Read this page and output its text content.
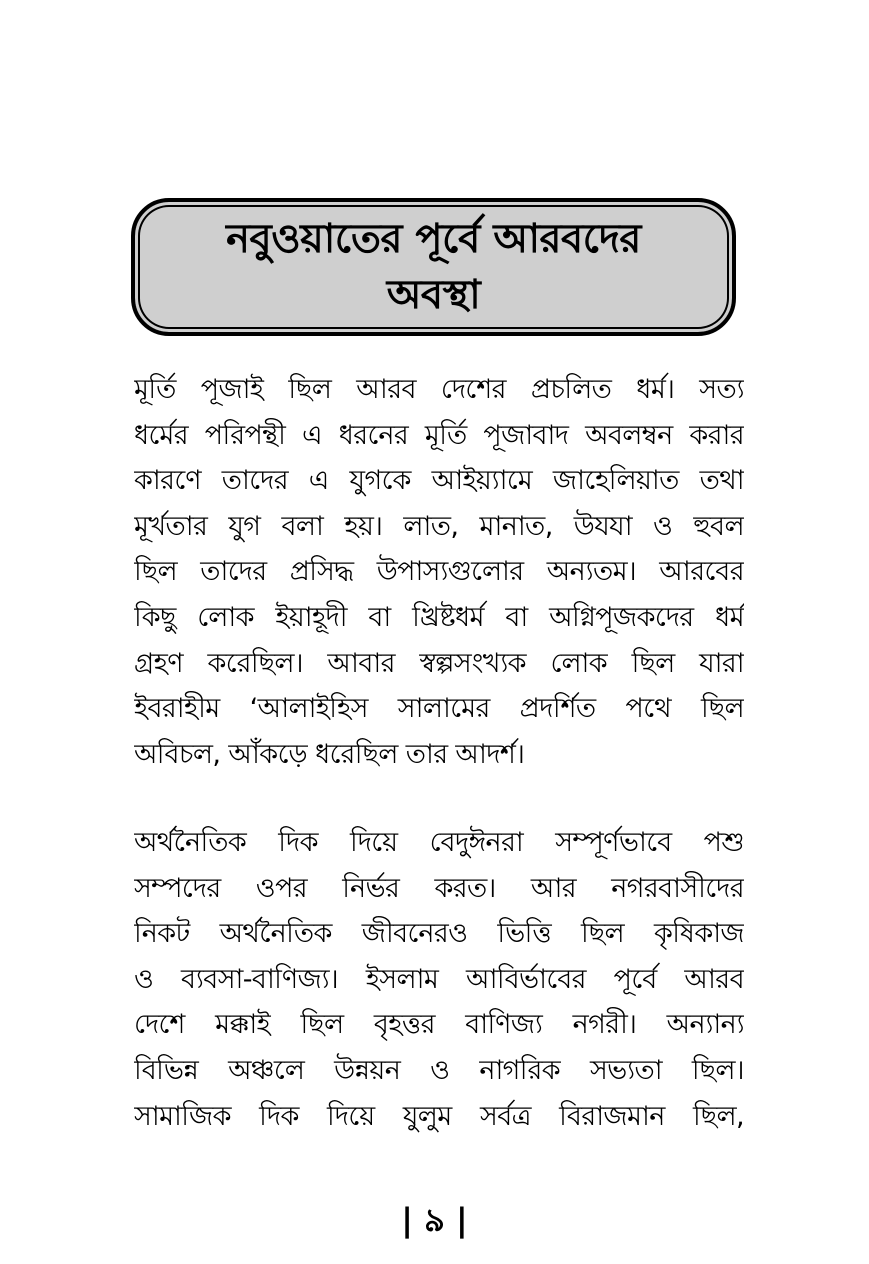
নবুওয়াতের পূর্বে আরবদের
অবস্থা
মূর্তি পূজাই ছিল আরব দেশের প্রচলিত ধর্ম। সত্য
ধর্মের পরিপন্থী এ ধরনের মূর্তি পূজাবাদ অবলম্বন করার
কারণে তাদের এ যুগকে আইয়্যামে জাহেলিয়াত তথা
মূর্খতার যুগ বলা হয়। লাত, মানাত, উযযা ও হুবল
ছিল তাদের প্রসিদ্ধ উপাস্যগুলোর অন্যতম। আরবের
কিছু লোক ইয়াহূদী বা খ্রিষ্টধর্ম বা অগ্নিপূজকদের ধর্ম
গ্রহণ করেছিল। আবার স্বল্পসংখ্যক লোক ছিল যারা
ইবরাহীম ‘আলাইহিস সালামের প্রদর্শিত পথে ছিল
অবিচল, আঁকড়ে ধরেছিল তার আদর্শ।
অর্থনৈতিক দিক দিয়ে বেদুঈনরা সম্পূর্ণভাবে পশু
সম্পদের ওপর নির্ভর করত। আর নগরবাসীদের
নিকট অর্থনৈতিক জীবনেরও ভিত্তি ছিল কৃষিকাজ
ও ব্যবসা-বাণিজ্য। ইসলাম আবির্ভাবের পূর্বে আরব
দেশে মক্কাই ছিল বৃহত্তর বাণিজ্য নগরী। অন্যান্য
বিভিন্ন অঞ্চলে উন্নয়ন ও নাগরিক সভ্যতা ছিল।
সামাজিক দিক দিয়ে যুলুম সর্বত্র বিরাজমান ছিল,
| ৯ |
